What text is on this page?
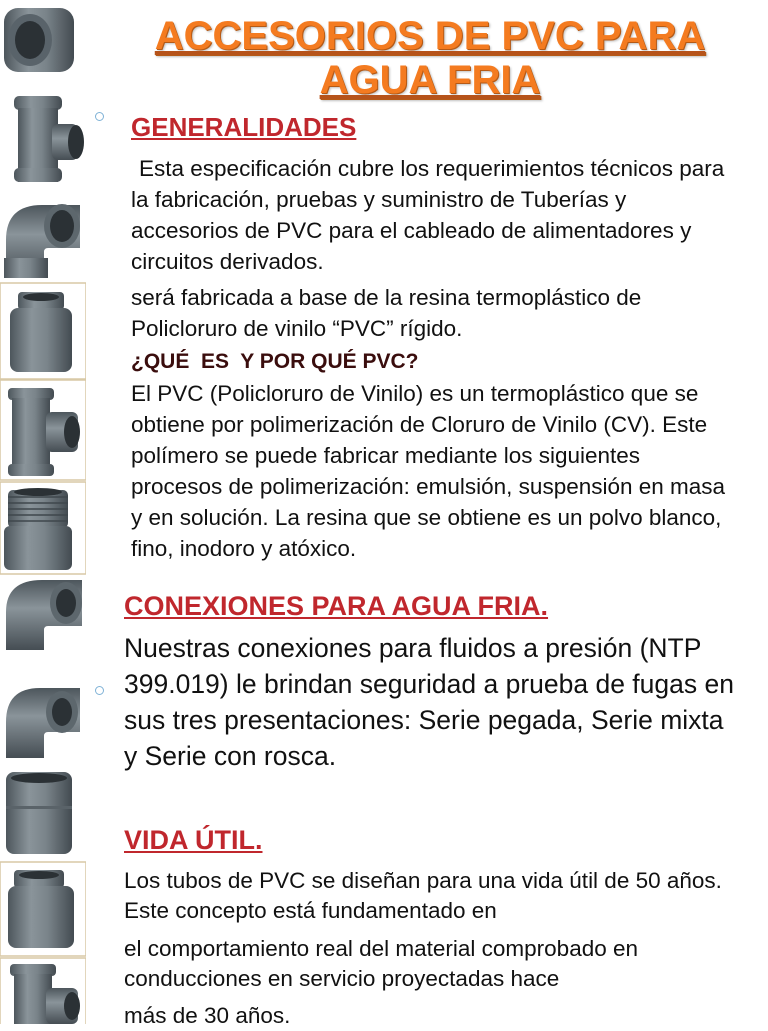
ACCESORIOS DE PVC PARA AGUA FRIA
GENERALIDADES

Esta especificación cubre los requerimientos técnicos para la fabricación, pruebas y suministro de Tuberías y accesorios de PVC para el cableado de alimentadores y circuitos derivados.

será fabricada a base de la resina termoplástico de Policloruro de vinilo “PVC” rígido.

¿QUÉ  ES  Y POR QUÉ PVC?

El PVC (Policloruro de Vinilo) es un termoplástico que se obtiene por polimerización de Cloruro de Vinilo (CV). Este polímero se puede fabricar mediante los siguientes procesos de polimerización: emulsión, suspensión en masa y en solución. La resina que se obtiene es un polvo blanco, fino, inodoro y atóxico.

CONEXIONES PARA AGUA FRIA.

Nuestras conexiones para fluidos a presión (NTP 399.019) le brindan seguridad a prueba de fugas en sus tres presentaciones: Serie pegada, Serie mixta y Serie con rosca.

VIDA ÚTIL.

Los tubos de PVC se diseñan para una vida útil de 50 años. Este concepto está fundamentado en

el comportamiento real del material comprobado en conducciones en servicio proyectadas hace

más de 30 años.
